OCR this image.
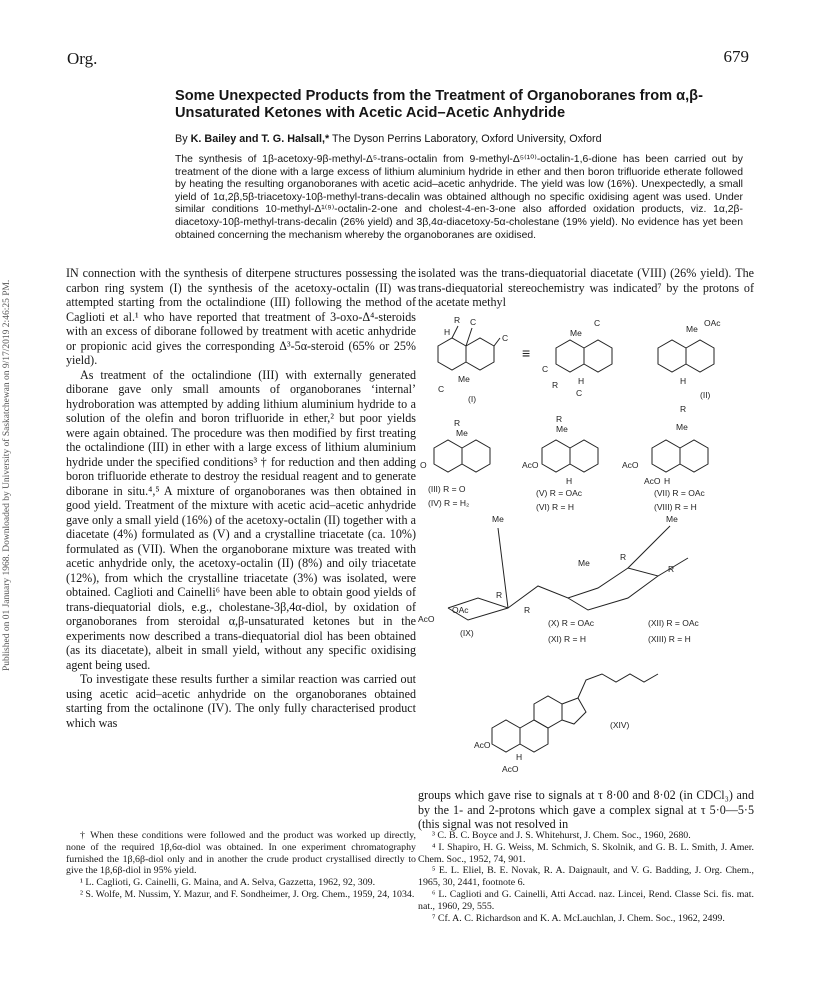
Published on 01 January 1968. Downloaded by University of Saskatchewan on 9/17/2019 2:46:25 PM.
Org.	679
Some Unexpected Products from the Treatment of Organoboranes from α,β-Unsaturated Ketones with Acetic Acid–Acetic Anhydride
By K. Bailey and T. G. Halsall,* The Dyson Perrins Laboratory, Oxford University, Oxford
The synthesis of 1β-acetoxy-9β-methyl-Δ⁵-trans-octalin from 9-methyl-Δ⁵⁽¹⁰⁾-octalin-1,6-dione has been carried out by treatment of the dione with a large excess of lithium aluminium hydride in ether and then boron trifluoride etherate followed by heating the resulting organoboranes with acetic acid–acetic anhydride. The yield was low (16%). Unexpectedly, a small yield of 1α,2β,5β-triacetoxy-10β-methyl-trans-decalin was obtained although no specific oxidising agent was used. Under similar conditions 10-methyl-Δ¹⁽⁹⁾-octalin-2-one and cholest-4-en-3-one also afforded oxidation products, viz. 1α,2β-diacetoxy-10β-methyl-trans-decalin (26% yield) and 3β,4α-diacetoxy-5α-cholestane (19% yield). No evidence has yet been obtained concerning the mechanism whereby the organoboranes are oxidised.

IN connection with the synthesis of diterpene structures possessing the carbon ring system (I) the synthesis of the acetoxy-octalin (II) was attempted starting from the octalindione (III) following the method of Caglioti et al.¹ who have reported that treatment of 3-oxo-Δ⁴-steroids with an excess of diborane followed by treatment with acetic anhydride or propionic acid gives the corresponding Δ³-5α-steroid (65% or 25% yield).

As treatment of the octalindione (III) with externally generated diborane gave only small amounts of organoboranes ‘internal’ hydroboration was attempted by adding lithium aluminium hydride to a solution of the olefin and boron trifluoride in ether,² but poor yields were again obtained. The procedure was then modified by first treating the octalindione (III) in ether with a large excess of lithium aluminium hydride under the specified conditions³ † for reduction and then adding boron trifluoride etherate to destroy the residual reagent and to generate diborane in situ.⁴,⁵ A mixture of organoboranes was then obtained in good yield. Treatment of the mixture with acetic acid–acetic anhydride gave only a small yield (16%) of the acetoxy-octalin (II) together with a diacetate (4%) formulated as (V) and a crystalline triacetate (ca. 10%) formulated as (VII). When the organoborane mixture was treated with acetic anhydride only, the acetoxy-octalin (II) (8%) and oily triacetate (12%), from which the crystalline triacetate (3%) was isolated, were obtained. Caglioti and Cainelli⁶ have been able to obtain good yields of trans-diequatorial diols, e.g., cholestane-3β,4α-diol, by oxidation of organoboranes from steroidal α,β-unsaturated ketones but in the experiments now described a trans-diequatorial diol has been obtained (as its diacetate), albeit in small yield, without any specific oxidising agent being used.

To investigate these results further a similar reaction was carried out using acetic acid–acetic anhydride on the organoboranes obtained starting from the octalinone (IV). The only fully characterised product which was

isolated was the trans-diequatorial diacetate (VIII) (26% yield). The trans-diequatorial stereochemistry was indicated⁷ by the protons of the acetate methyl

R
H
C
C
Me
C
(I)
≡
Me
C
C
R H
C
Me
OAc
H
(II)
R
Me
O
(III) R = O
(IV) R = H₂
R
Me
AcO
H
(V) R = OAc
(VI) R = H
R
Me
AcO
AcO H
(VII) R = OAc
(VIII) R = H
Me	Me
Me
R
R
R
R
OAc
AcO
(IX)
(X) R = OAc
(XI) R = H
(XII) R = OAc
(XIII) R = H
AcO
AcO
H
(XIV)

groups which gave rise to signals at τ 8·00 and 8·02 (in CDCl₃) and by the 1- and 2-protons which gave a complex signal at τ 5·0—5·5 (this signal was not resolved in

† When these conditions were followed and the product was worked up directly, none of the required 1β,6α-diol was obtained. In one experiment chromatography furnished the 1β,6β-diol only and in another the crude product crystallised directly to give the 1β,6β-diol in 95% yield.

¹ L. Caglioti, G. Cainelli, G. Maina, and A. Selva, Gazzetta, 1962, 92, 309.

² S. Wolfe, M. Nussim, Y. Mazur, and F. Sondheimer, J. Org. Chem., 1959, 24, 1034.

³ C. B. C. Boyce and J. S. Whitehurst, J. Chem. Soc., 1960, 2680.

⁴ I. Shapiro, H. G. Weiss, M. Schmich, S. Skolnik, and G. B. L. Smith, J. Amer. Chem. Soc., 1952, 74, 901.

⁵ E. L. Eliel, B. E. Novak, R. A. Daignault, and V. G. Badding, J. Org. Chem., 1965, 30, 2441, footnote 6.

⁶ L. Caglioti and G. Cainelli, Atti Accad. naz. Lincei, Rend. Classe Sci. fis. mat. nat., 1960, 29, 555.

⁷ Cf. A. C. Richardson and K. A. McLauchlan, J. Chem. Soc., 1962, 2499.
